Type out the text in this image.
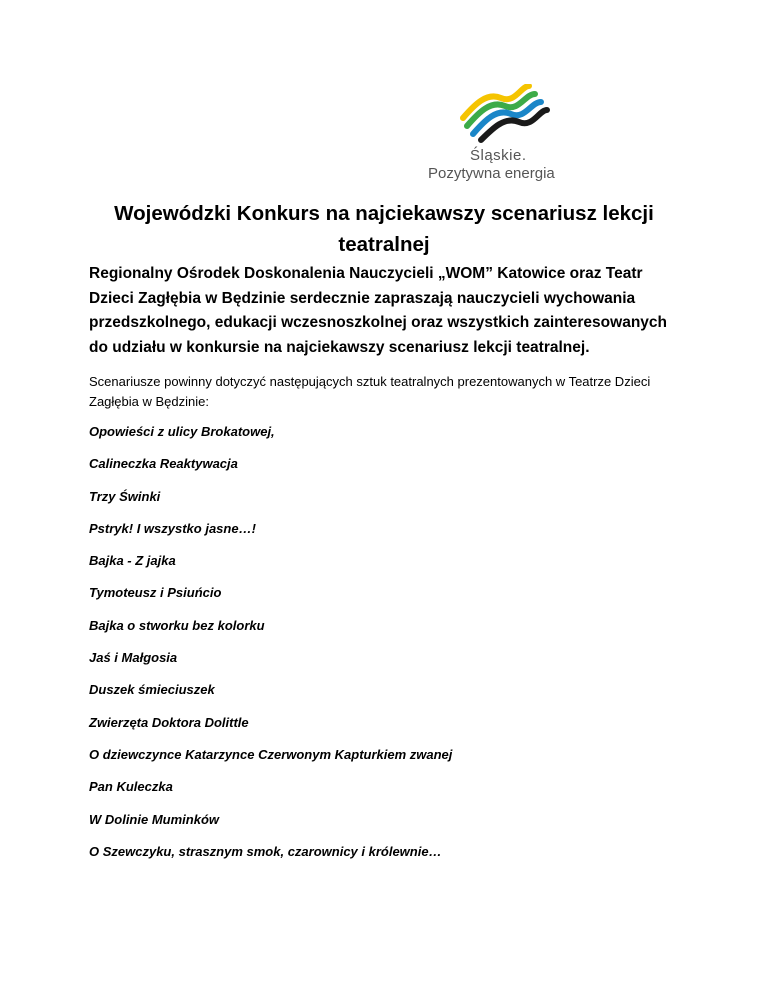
Śląskie.
Pozytywna energia
Wojewódzki Konkurs na najciekawszy scenariusz lekcji teatralnej
Regionalny Ośrodek Doskonalenia Nauczycieli „WOM” Katowice oraz Teatr Dzieci Zagłębia w Będzinie serdecznie zapraszają nauczycieli wychowania przedszkolnego, edukacji wczesnoszkolnej oraz wszystkich zainteresowanych do udziału w konkursie na najciekawszy scenariusz lekcji teatralnej.
Scenariusze powinny dotyczyć następujących sztuk teatralnych prezentowanych w Teatrze Dzieci Zagłębia w Będzinie:
Opowieści z ulicy Brokatowej,
Calineczka Reaktywacja
Trzy Świnki
Pstryk! I wszystko jasne…!
Bajka - Z jajka
Tymoteusz i Psiuńcio
Bajka o stworku bez kolorku
Jaś i Małgosia
Duszek śmieciuszek
Zwierzęta Doktora Dolittle
O dziewczynce Katarzynce Czerwonym Kapturkiem zwanej
Pan Kuleczka
W Dolinie Muminków
O Szewczyku, strasznym smok, czarownicy i królewnie…
